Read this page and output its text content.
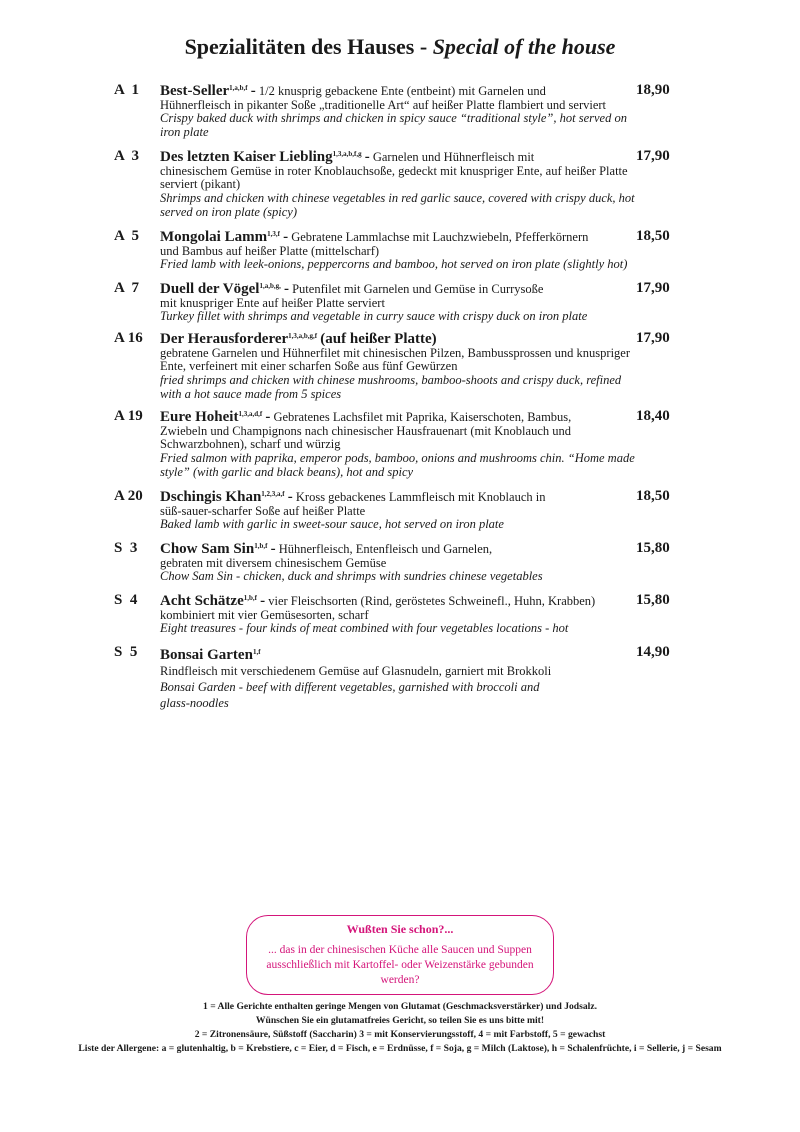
Spezialitäten des Hauses - Special of the house
A  1	Best-Seller$^{1,a,b,f}$ - 1/2 knusprig gebackene Ente (entbeint) mit Garnelen und
Hühnerfleisch in pikanter Soße „traditionelle Art“ auf heißer Platte flambiert und serviert
Crispy baked duck with shrimps and chicken in spicy sauce “traditional style”, hot served on iron plate
18,90
A  3	Des letzten Kaiser Liebling$^{1,3,a,b,f,g}$ - Garnelen und Hühnerfleisch mit
chinesischem Gemüse in roter Knoblauchsoße, gedeckt mit knuspriger Ente, auf heißer Platte serviert (pikant)
Shrimps and chicken with chinese vegetables in red garlic sauce, covered with crispy duck, hot served on iron plate (spicy)
17,90
A  5	Mongolai Lamm$^{1,3,f}$ - Gebratene Lammlachse mit Lauchzwiebeln, Pfefferkörnern
und Bambus auf heißer Platte (mittelscharf)
Fried lamb with leek-onions, peppercorns and bamboo, hot served on iron plate (slightly hot)
18,50
A  7	Duell der Vögel$^{1,a,b,g,}$ - Putenfilet mit Garnelen und Gemüse in Currysoße
mit knuspriger Ente auf heißer Platte serviert
Turkey fillet with shrimps and vegetable in curry sauce with crispy duck on iron plate
17,90
A 16	Der Herausforderer$^{1,3,a,b,g,f}$ (auf heißer Platte)
gebratene Garnelen und Hühnerfilet mit chinesischen Pilzen, Bambussprossen und knuspriger Ente, verfeinert mit einer scharfen Soße aus fünf Gewürzen
fried shrimps and chicken with chinese mushrooms, bamboo-shoots and crispy duck, refined with a hot sauce made from 5 spices
17,90
A 19	Eure Hoheit$^{1,3,a,d,f}$ - Gebratenes Lachsfilet mit Paprika, Kaiserschoten, Bambus,
Zwiebeln und Champignons nach chinesischer Hausfrauenart (mit Knoblauch und Schwarzbohnen), scharf und würzig
Fried salmon with paprika, emperor pods, bamboo, onions and mushrooms chin. “Home made style” (with garlic and black beans), hot and spicy
18,40
A 20	Dschingis Khan$^{1,2,3,a,f}$ - Kross gebackenes Lammfleisch mit Knoblauch in
süß-sauer-scharfer Soße auf heißer Platte
Baked lamb with garlic in sweet-sour sauce, hot served on iron plate
18,50
S  3	Chow Sam Sin$^{1,b,f}$ - Hühnerfleisch, Entenfleisch und Garnelen,
gebraten mit diversem chinesischem Gemüse
Chow Sam Sin - chicken, duck and shrimps with sundries chinese vegetables
15,80
S  4	Acht Schätze$^{1,b,f}$ - vier Fleischsorten (Rind, geröstetes Schweinefl., Huhn, Krabben)
kombiniert mit vier Gemüsesorten, scharf
Eight treasures - four kinds of meat combined with four vegetables locations - hot
15,80
S  5	Bonsai Garten$^{1,f}$
Rindfleisch mit verschiedenem Gemüse auf Glasnudeln, garniert mit Brokkoli
Bonsai Garden - beef with different vegetables, garnished with broccoli and glass-noodles
14,90
Wußten Sie schon?...
... das in der chinesischen Küche alle Saucen und Suppen ausschließlich mit Kartoffel- oder Weizenstärke gebunden werden?
1 = Alle Gerichte enthalten geringe Mengen von Glutamat (Geschmacksverstärker) und Jodsalz.
Wünschen Sie ein glutamatfreies Gericht, so teilen Sie es uns bitte mit!
2 = Zitronensäure, Süßstoff (Saccharin) 3 = mit Konservierungsstoff, 4 = mit Farbstoff, 5 = gewachst
Liste der Allergene: a = glutenhaltig, b = Krebstiere, c = Eier, d = Fisch, e = Erdnüsse, f = Soja, g = Milch (Laktose), h = Schalenfrüchte, i = Sellerie, j = Sesam
